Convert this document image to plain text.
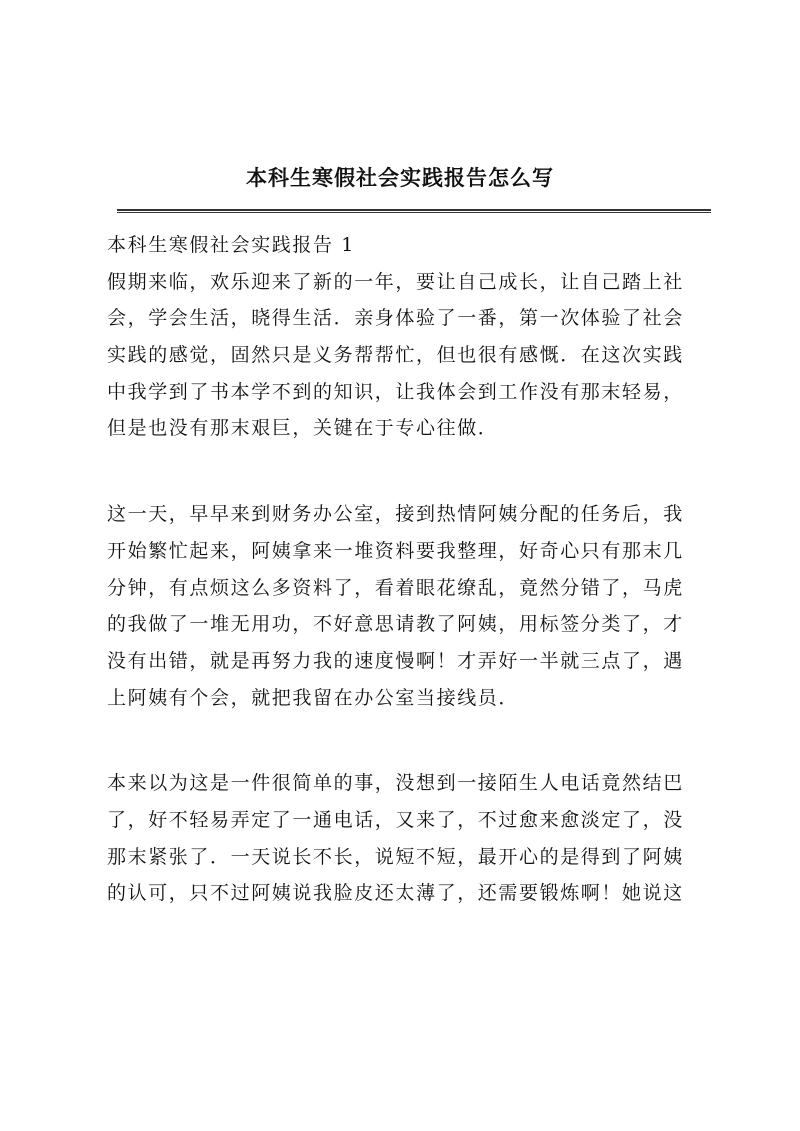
本科生寒假社会实践报告怎么写
本科生寒假社会实践报告 1
假期来临，欢乐迎来了新的一年，要让自己成长，让自己踏上社
会，学会生活，晓得生活．亲身体验了一番，第一次体验了社会
实践的感觉，固然只是义务帮帮忙，但也很有感慨．在这次实践
中我学到了书本学不到的知识，让我体会到工作没有那末轻易，
但是也没有那末艰巨，关键在于专心往做．
这一天，早早来到财务办公室，接到热情阿姨分配的任务后，我
开始繁忙起来，阿姨拿来一堆资料要我整理，好奇心只有那末几
分钟，有点烦这么多资料了，看着眼花缭乱，竟然分错了，马虎
的我做了一堆无用功，不好意思请教了阿姨，用标签分类了，才
没有出错，就是再努力我的速度慢啊！才弄好一半就三点了，遇
上阿姨有个会，就把我留在办公室当接线员．
本来以为这是一件很简单的事，没想到一接陌生人电话竟然结巴
了，好不轻易弄定了一通电话，又来了，不过愈来愈淡定了，没
那末紧张了．一天说长不长，说短不短，最开心的是得到了阿姨
的认可，只不过阿姨说我脸皮还太薄了，还需要锻炼啊！她说这
